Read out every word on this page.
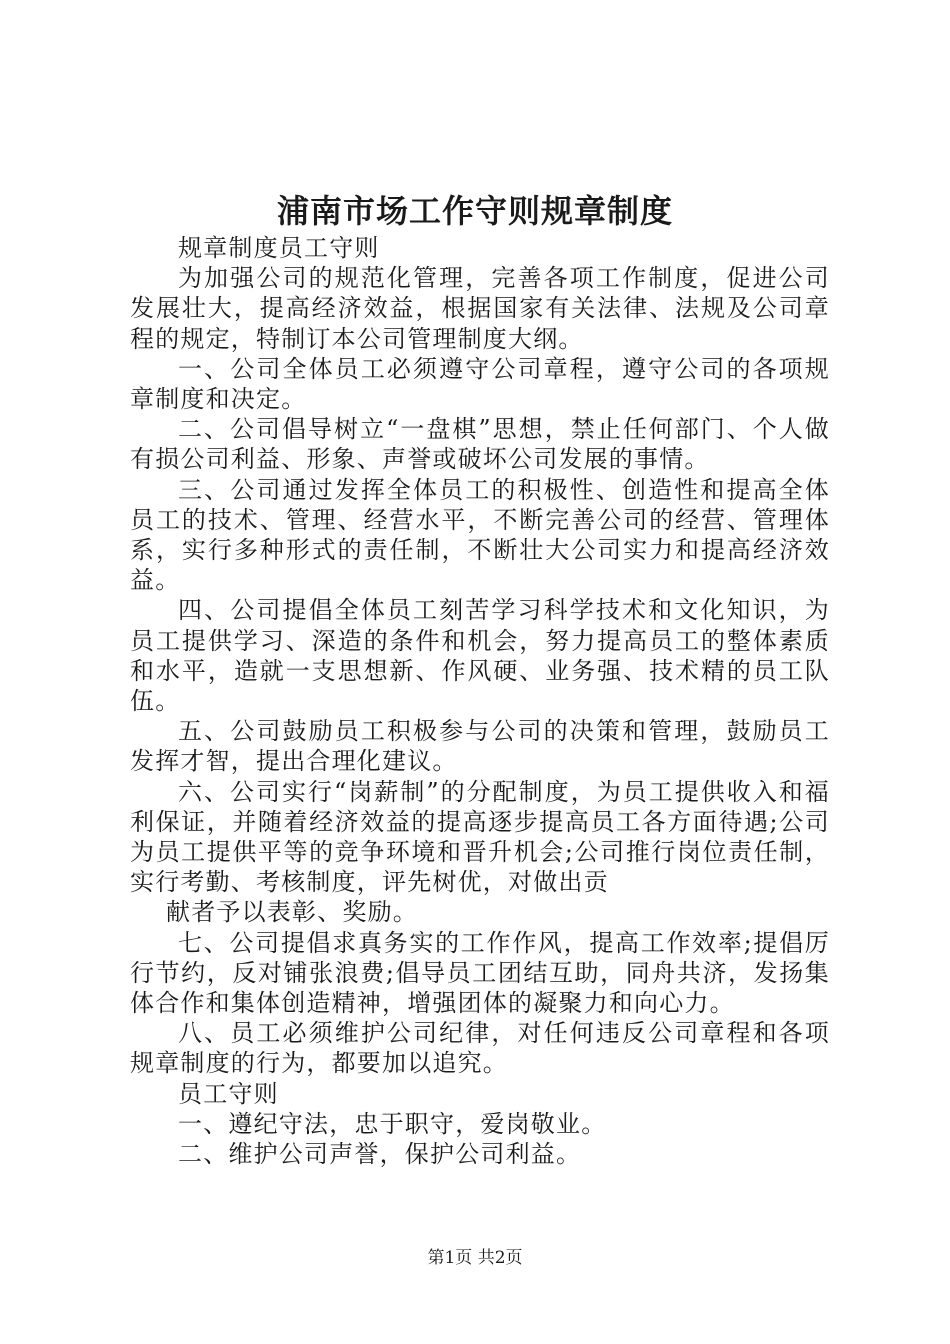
浦南市场工作守则规章制度

规章制度员工守则

为加强公司的规范化管理，完善各项工作制度，促进公司发展壮大，提高经济效益，根据国家有关法律、法规及公司章程的规定，特制订本公司管理制度大纲。

一、公司全体员工必须遵守公司章程，遵守公司的各项规章制度和决定。

二、公司倡导树立“一盘棋”思想，禁止任何部门、个人做有损公司利益、形象、声誉或破坏公司发展的事情。

三、公司通过发挥全体员工的积极性、创造性和提高全体员工的技术、管理、经营水平，不断完善公司的经营、管理体系，实行多种形式的责任制，不断壮大公司实力和提高经济效益。

四、公司提倡全体员工刻苦学习科学技术和文化知识，为员工提供学习、深造的条件和机会，努力提高员工的整体素质和水平，造就一支思想新、作风硬、业务强、技术精的员工队伍。

五、公司鼓励员工积极参与公司的决策和管理，鼓励员工发挥才智，提出合理化建议。

六、公司实行“岗薪制”的分配制度，为员工提供收入和福利保证，并随着经济效益的提高逐步提高员工各方面待遇;公司为员工提供平等的竞争环境和晋升机会;公司推行岗位责任制，实行考勤、考核制度，评先树优，对做出贡

献者予以表彰、奖励。

七、公司提倡求真务实的工作作风，提高工作效率;提倡厉行节约，反对铺张浪费;倡导员工团结互助，同舟共济，发扬集体合作和集体创造精神，增强团体的凝聚力和向心力。

八、员工必须维护公司纪律，对任何违反公司章程和各项规章制度的行为，都要加以追究。

员工守则

一、遵纪守法，忠于职守，爱岗敬业。

二、维护公司声誉，保护公司利益。

第1页 共2页
